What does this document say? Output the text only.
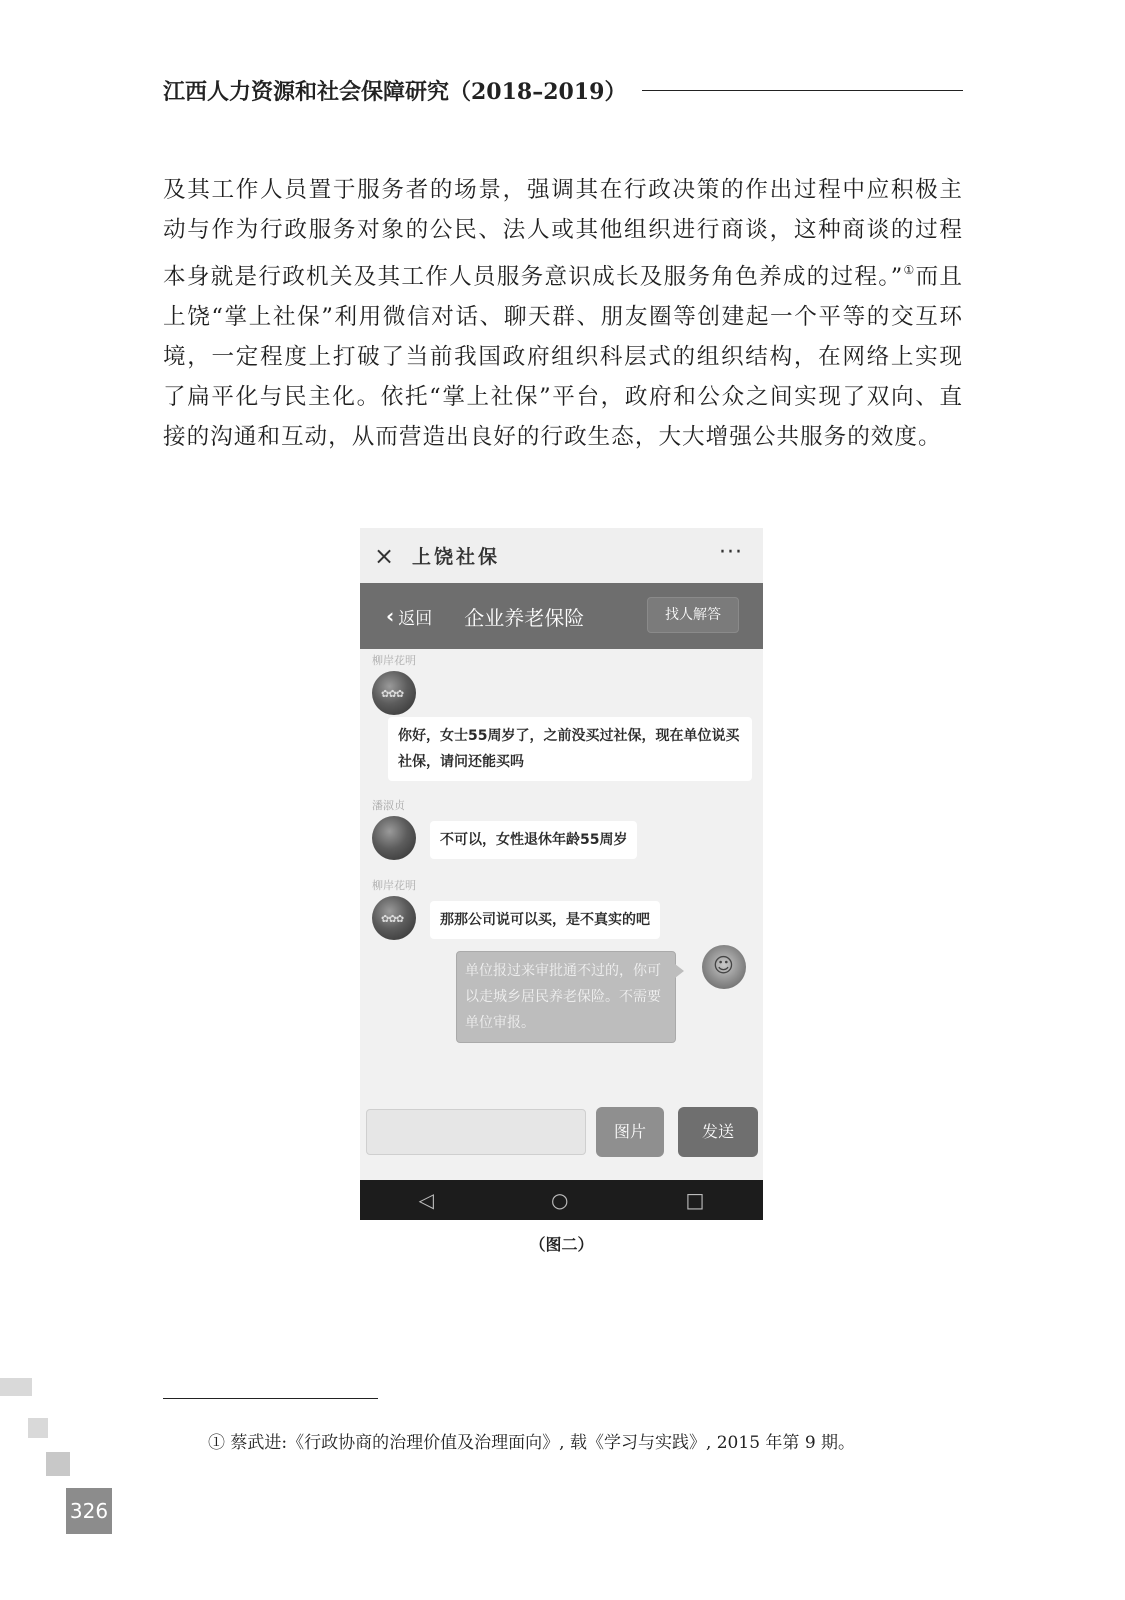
江西人力资源和社会保障研究（2018–2019）
及其工作人员置于服务者的场景，强调其在行政决策的作出过程中应积极主动与作为行政服务对象的公民、法人或其他组织进行商谈，这种商谈的过程本身就是行政机关及其工作人员服务意识成长及服务角色养成的过程。”①而且上饶“掌上社保”利用微信对话、聊天群、朋友圈等创建起一个平等的交互环境，一定程度上打破了当前我国政府组织科层式的组织结构，在网络上实现了扁平化与民主化。依托“掌上社保”平台，政府和公众之间实现了双向、直接的沟通和互动，从而营造出良好的行政生态，大大增强公共服务的效度。
× 上饶社保	···
‹ 返回 企业养老保险	找人解答
柳岸花明
✿✿✿
你好，女士55周岁了，之前没买过社保，现在单位说买社保，请问还能买吗
潘淑贞
不可以，女性退休年龄55周岁
柳岸花明
✿✿✿	那那公司说可以买，是不真实的吧
单位报过来审批通不过的，你可以走城乡居民养老保险。不需要单位审报。
☺
图片	发送
◁	○	□
（图二）
① 蔡武进:《行政协商的治理价值及治理面向》, 载《学习与实践》, 2015 年第 9 期。
326
